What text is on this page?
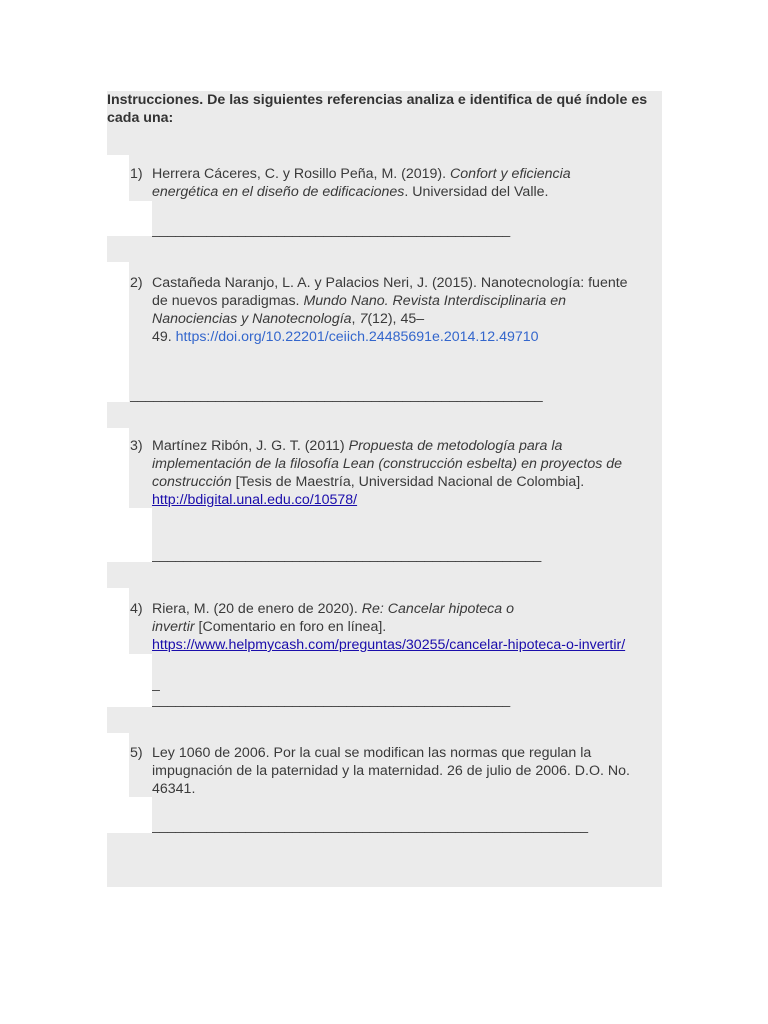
Instrucciones. De las siguientes referencias analiza e identifica de qué índole es cada una:
1) Herrera Cáceres, C. y Rosillo Peña, M. (2019). Confort y eficiencia
energética en el diseño de edificaciones. Universidad del Valle.
______________________________________________
2) Castañeda Naranjo, L. A. y Palacios Neri, J. (2015). Nanotecnología: fuente
de nuevos paradigmas. Mundo Nano. Revista Interdisciplinaria en
Nanociencias y Nanotecnología, 7(12), 45–
49. https://doi.org/10.22201/ceiich.24485691e.2014.12.49710
_____________________________________________________
3) Martínez Ribón, J. G. T. (2011) Propuesta de metodología para la
implementación de la filosofía Lean (construcción esbelta) en proyectos de
construcción [Tesis de Maestría, Universidad Nacional de Colombia].
http://bdigital.unal.edu.co/10578/
__________________________________________________
4) Riera, M. (20 de enero de 2020). Re: Cancelar hipoteca o
invertir [Comentario en foro en línea].
https://www.helpmycash.com/preguntas/30255/cancelar-hipoteca-o-invertir/
_
______________________________________________
5) Ley 1060 de 2006. Por la cual se modifican las normas que regulan la
impugnación de la paternidad y la maternidad. 26 de julio de 2006. D.O. No.
46341.
________________________________________________________
